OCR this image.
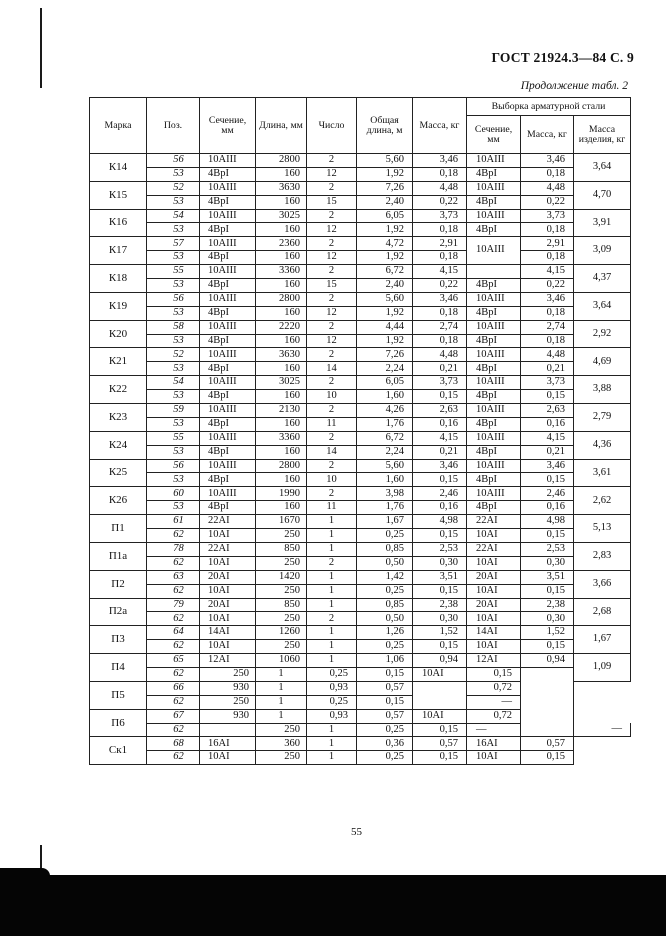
ГОСТ 21924.3—84 С. 9
Продолжение табл. 2
Марка	Поз.	Сечение, мм	Длина, мм	Число	Общая длина, м	Масса, кг	Выборка арматурной стали		
							Сечение, мм	Масса, кг	Масса изделия, кг
К14	56	10AIII	2800	2	5,60	3,46	10AIII	3,46	3,64
	53	4BpI	160	12	1,92	0,18	4BpI	0,18	
К15	52	10AIII	3630	2	7,26	4,48	10AIII	4,48	4,70
	53	4BpI	160	15	2,40	0,22	4BpI	0,22	
К16	54	10AIII	3025	2	6,05	3,73	10AIII	3,73	3,91
	53	4BpI	160	12	1,92	0,18	4BpI	0,18	
К17	57	10AIII	2360	2	4,72	2,91	10AIII	2,91	3,09
	53	4BpI	160	12	1,92	0,18		0,18	
К18	55	10AIII	3360	2	6,72	4,15		4,15	4,37
	53	4BpI	160	15	2,40	0,22	4BpI	0,22	
К19	56	10AIII	2800	2	5,60	3,46	10AIII	3,46	3,64
	53	4BpI	160	12	1,92	0,18	4BpI	0,18	
К20	58	10AIII	2220	2	4,44	2,74	10AIII	2,74	2,92
	53	4BpI	160	12	1,92	0,18	4BpI	0,18	
К21	52	10AIII	3630	2	7,26	4,48	10AIII	4,48	4,69
	53	4BpI	160	14	2,24	0,21	4BpI	0,21	
К22	54	10AIII	3025	2	6,05	3,73	10AIII	3,73	3,88
	53	4BpI	160	10	1,60	0,15	4BpI	0,15	
К23	59	10AIII	2130	2	4,26	2,63	10AIII	2,63	2,79
	53	4BpI	160	11	1,76	0,16	4BpI	0,16	
К24	55	10AIII	3360	2	6,72	4,15	10AIII	4,15	4,36
	53	4BpI	160	14	2,24	0,21	4BpI	0,21	
К25	56	10AIII	2800	2	5,60	3,46	10AIII	3,46	3,61
	53	4BpI	160	10	1,60	0,15	4BpI	0,15	
К26	60	10AIII	1990	2	3,98	2,46	10AIII	2,46	2,62
	53	4BpI	160	11	1,76	0,16	4BpI	0,16	
П1	61	22AI	1670	1	1,67	4,98	22AI	4,98	5,13
	62	10AI	250	1	0,25	0,15	10AI	0,15	
П1а	78	22AI	850	1	0,85	2,53	22AI	2,53	2,83
	62	10AI	250	2	0,50	0,30	10AI	0,30	
П2	63	20AI	1420	1	1,42	3,51	20AI	3,51	3,66
	62	10AI	250	1	0,25	0,15	10AI	0,15	
П2а	79	20AI	850	1	0,85	2,38	20AI	2,38	2,68
	62	10AI	250	2	0,50	0,30	10AI	0,30	
П3	64	14AI	1260	1	1,26	1,52	14AI	1,52	1,67
	62	10AI	250	1	0,25	0,15	10AI	0,15	
П4	65	12AI	1060	1	1,06	0,94	12AI	0,94	1,09
	62	250	1	0,25	0,15	10AI	0,15		
П5	66	930	1	0,93	0,57		0,72		
	62	250	1	0,25	0,15		—		
П6	67	930	1	0,93	0,57	10AI	0,72		
	62		250	1	0,25	0,15	—		—
Ск1	68	16AI	360	1	0,36	0,57	16AI	0,57	
	62	10AI	250	1	0,25	0,15	10AI	0,15	
55
